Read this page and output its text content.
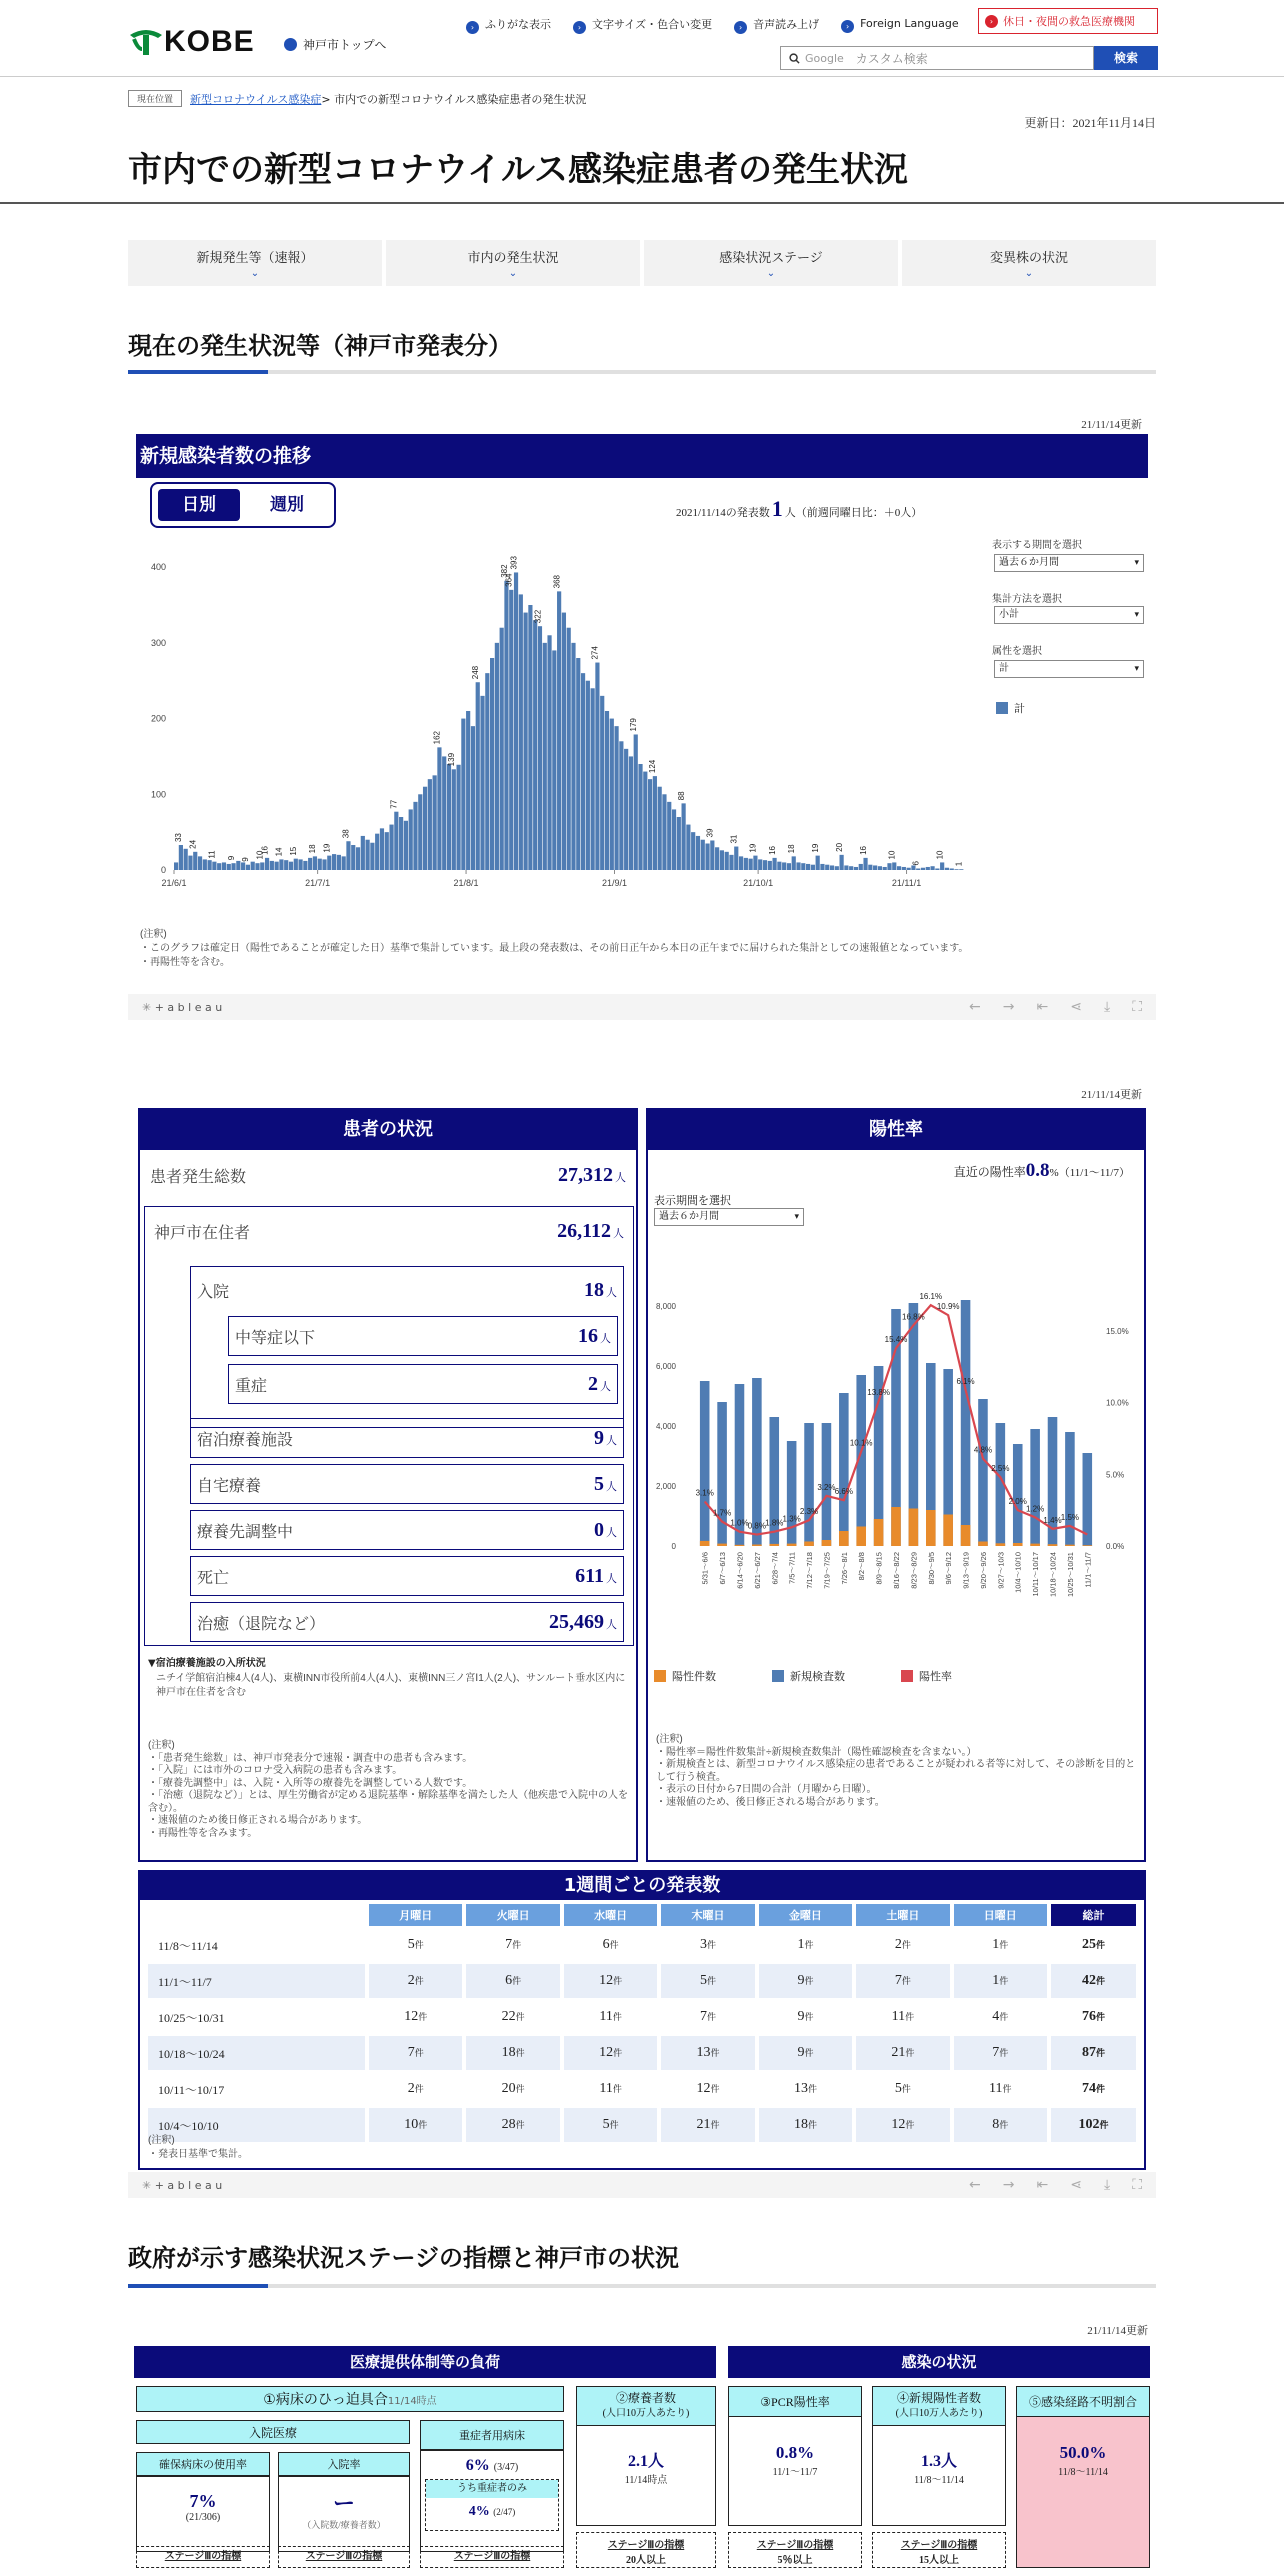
KOBE	神戸市トップへ
› ふりがな表示	› 文字サイズ・色合い変更	› 音声読み上げ	› Foreign Language	› 休日・夜間の救急医療機関
Google カスタム検索	検索
現在位置	新型コロナウイルス感染症 > 市内での新型コロナウイルス感染症患者の発生状況
更新日：2021年11月14日
市内での新型コロナウイルス感染症患者の発生状況
新規発生等（速報）
⌄
市内の発生状況
⌄
感染状況ステージ
⌄
変異株の状況
⌄
現在の発生状況等（神戸市発表分）
21/11/14更新
新規感染者数の推移
日別	週別	2021/11/14の発表数1 人（前週同曜日比：＋0人）
表示する期間を選択
過去６か月間 ▾
集計方法を選択
小計 ▾
属性を選択
計 ▾
計
0
100
200
300
400
33
24
11 9 9
10
16 14 15 18 19
38
77
162
139
248
382
364
393
322
368
274
179
124
88
39
31
19 16 18 19 20 16
10
6
10
1
21/6/1	21/7/1	21/8/1	21/9/1	21/10/1	21/11/1
(注釈)
・このグラフは確定日（陽性であることが確定した日）基準で集計しています。最上段の発表数は、その前日正午から本日の正午までに届けられた集計としての速報値となっています。
・再陽性等を含む。
✳ + a b l e a u	← → ⇤ ⋖ ⤓ ⛶
21/11/14更新
患者の状況
患者発生総数	27,312 人
神戸市在住者	26,112 人
入院	18 人
中等症以下	16 人
重症	2 人
宿泊療養施設	9 人
自宅療養	5 人
療養先調整中	0 人
死亡	611 人
治癒（退院など）	25,469 人
▼宿泊療養施設の入所状況
ニチイ学館宿泊棟4人(4人)、東横INN市役所前4人(4人)、東横INN三ノ宮Ⅰ1人(2人)、サンルート垂水区内に神戸市在住者を含む
(注釈)
・「患者発生総数」は、神戸市発表分で速報・調査中の患者も含みます。
・「入院」には市外のコロナ受入病院の患者も含みます。
・「療養先調整中」は、入院・入所等の療養先を調整している人数です。
・「治癒（退院など）」とは、厚生労働省が定める退院基準・解除基準を満たした人（他疾患で入院中の人を含む）。
・速報値のため後日修正される場合があります。
・再陽性等を含みます。
陽性率
直近の陽性率0.8%（11/1～11/7）
表示期間を選択
過去６か月間 ▾
0
2,000
4,000
6,000
8,000
0.0%
5.0%
10.0%
15.0%
3.1%
1.7%
1.0% 0.8% 1.8% 1.3%
2.3%
3.2% 6.6%
10.1%
13.8%
15.4%
16.8%
16.1%
10.9%
6.1%
4.8%
2.5%
2.0%
1.2%
1.4% 1.5%
5/31～6/6 6/7～6/13 6/14～6/20 6/21～6/27 6/28～7/4 7/5～7/11 7/12～7/18 7/19～7/25 7/26～8/1 8/2～8/8 8/9～8/15 8/16～8/22 8/23～8/29 8/30～9/5 9/6～9/12 9/13～9/19 9/20～9/26 9/27～10/3 10/4～10/10 10/11～10/17 10/18～10/24 10/25～10/31 11/1～11/7
陽性件数	新規検査数	陽性率
(注釈)
・陽性率＝陽性件数集計÷新規検査数集計（陽性確認検査を含まない。）
・新規検査とは、新型コロナウイルス感染症の患者であることが疑われる者等に対して、その診断を目的として行う検査。
・表示の日付から7日間の合計（月曜から日曜）。
・速報値のため、後日修正される場合があります。
1週間ごとの発表数
	月曜日	火曜日	水曜日	木曜日	金曜日	土曜日	日曜日	総計
11/8～11/14	5件	7件	6件	3件	1件	2件	1件	25件
11/1～11/7	2件	6件	12件	5件	9件	7件	1件	42件
10/25～10/31	12件	22件	11件	7件	9件	11件	4件	76件
10/18～10/24	7件	18件	12件	13件	9件	21件	7件	87件
10/11～10/17	2件	20件	11件	12件	13件	5件	11件	74件
10/4～10/10	10件	28件	5件	21件	18件	12件	8件	102件
(注釈)
・発表日基準で集計。
✳ + a b l e a u	← → ⇤ ⋖ ⤓ ⛶
政府が示す感染状況ステージの指標と神戸市の状況
21/11/14更新
医療提供体制等の負荷	感染の状況
①病床のひっ迫具合11/14時点
入院医療
確保病床の使用率
7%
(21/306)
入院率
ー
（入院数/療養者数）
重症者用病床
6% (3/47)
うち重症者のみ
4% (2/47)
ステージⅢの指標	ステージⅢの指標	ステージⅢの指標
②療養者数
(人口10万人あたり)
2.1人
11/14時点
ステージⅢの指標
20人以上
③PCR陽性率
0.8%
11/1～11/7
ステージⅢの指標
5％以上
④新規陽性者数
(人口10万人あたり)
1.3人
11/8～11/14
ステージⅢの指標
15人以上
⑤感染経路不明割合
50.0%
11/8～11/14
